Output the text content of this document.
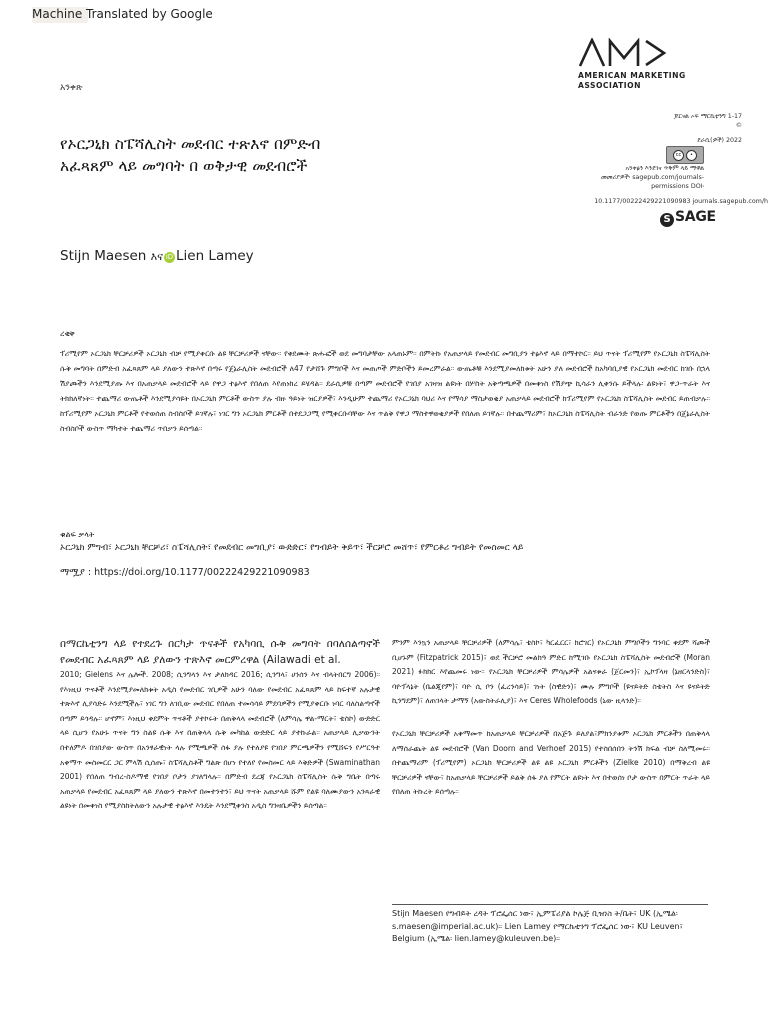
Machine Translated by Google
AMERICAN MARKETING
ASSOCIATION
አንቀጽ
የኦርጋኒክ ስፔሻሊስት መደብር ተጽእኖ በምድብ አፈጻጸም ላይ መግባት በ ወቅታዊ መደብሮች
ጆርናል ኦፍ ማርኬቲንግ 1-17
©
ደራሲ(ዎች) 2022
cc	•
አንቀፅን እንደገና ጥቅም ላይ ማዋል
መመሪያዎች፡ sagepub.com/journals-
permissions DOI፡
10.1177/00222429221090983 journals.sagepub.com/h
S SAGE
Stijn Maesen እና iD Lien Lamey
ረቂቅ
ፕሪሚየም ኦርጋኒክ ቸርቻሪዎች ኦርጋኒክ ብቻ የሚያቀርቡ ልዩ ቸርቻሪዎች ናቸው። የቀደሙት ጽሑፎች ወደ መግባታቸው አላጠኑም። በምትኩ የአጠቃላይ የመደብር መግቢያን ተፅእኖ ላይ በማተኮር። ይህ ጥናት ፕሪሚየም የኦርጋኒክ ስፔሻሊስት ሱቅ መግባት በምድብ አፈጻጸም ላይ ያለውን ተጽእኖ በጣሩ የጄኔራሊስት መደብሮች ለ47 የታሸጉ ምግቦች እና መጠጦች ምድቦችን ይመረምራል። ውጤቶቹ እንደሚያመለክቱት አሁን ያለ መደብሮች ከአካባቢያዊ የኦርጋኒክ መደብር ከገቡ በኋላ ሽያጮችን እንደሚያጡ እና በአጠቃላይ መደብሮች ላይ የዋጋ ተፅእኖ የበለጠ እየጠነከረ ይሄዳል። ደራሲዎቹ በጣም መደብሮች የገበያ አገዛዝ ልዩነት በሦስት አቅጣጫዎች በመቀነስ የሽያጭ ኪሳራን ሊቀንሱ ይችላሉ፡ ልዩነት፣ ዋጋ-ጥራት እና ትክክለኛነት። ተጨማሪ ውጤቶች እንደሚያሳዩት በኦርጋኒክ ምርቶች ውስጥ ያሉ ብዙ ዓይነት ዝርያዎች፣ እንዲሁም ተጨማሪ የኦርጋኒክ ባህሪ እና የማሳያ ማስታወቂያ አጠቃላይ መደብሮች ከፕሪሚየም የኦርጋኒክ ስፔሻሊስት መደብር ይጠብቃሉ። ከፕሪሚየም ኦርጋኒክ ምርቶች የተወሰጠ ስብስቦች ይገኛሉ፣ ነገር ግን ኦርጋኒክ ምርቶች በተደጋጋሚ የሚቀርቡባቸው እና ጥልቅ የዋጋ ማስተዋወቂያዎች የበለጠ ይገኛሉ። በተጨማሪም፣ ከኦርጋኒክ ስፔሻሊስት ብራንድ የወጡ ምርቶችን በጄኔራሊስት ስብስቦች ውስጥ ማካተት ተጨማሪ ጥበቃን ይሰጣል።
ቁልፍ ቃላት
ኦርጋኒክ ምግብ፣ ኦርጋኒክ ቸርቻሪ፣ ስፔሻሊስት፣ የመደብር መግቢያ፣ ውድድር፣ የግብይት ቅይጥ፣ ችርቻሮ መሸጥ፣ የምርቶሪ ግብይት የመስመር ላይ
ማሟያ : https://doi.org/10.1177/00222429221090983
በማርኬቲንግ ላይ የተደረጉ በርካታ ጥናቶች የአካባቢ ሱቅ መግባት በባለሰልጣኖች የመደብር አፈጻጸም ላይ ያለውን ተጽእኖ መርምረዋል (Ailawadi et al.
2010; Gielens እና ሌሎች. 2008; ሲንግላን እና ታለክዳር 2016; ሲንግላ፣ ሀንሰን እና ብላትበርግ 2006)። የእነዚህ ጥናቶች እንደሚያመለክቱት አዲስ የመደብር ገቢዎች አሁን ባለው የመደብር አፈጻጸም ላይ ከፍተኛ አሉታዊ ተጽእኖ ሊያሳድሩ እንደሚችሉ፣ ነገር ግን ለገቢው መደብር የበለጠ ተመሳሳይ ምደባዎችን የሚያቀርቡ ነባር ባለስልጣኖች በጣም ይጎዳሉ። ሆኖም፣ እነዚህ ቀደምት ጥናቶች ያተኮሩት በጠቅላላ መደብሮች (ለምሳሌ ዋል-ማርት፣ ቴስኮ) ውድድር ላይ ሲሆን የአሁኑ ጥናት ግን ስልዩ ሱቅ እና በጠቅላላ ሱቅ መካከል ውድድር ላይ ያተኩራል። አጠቃላይ ሊቃውንት በተለምዶ በገበያው ውስጥ በአንፃራዊነት ላሉ የሚጫዎች ሰፋ ያሉ የተለያዩ የገበያ ምርጫዎችን የሚሸፍን የሥርዓተ አቀማጥ መስመርር ጋር ምላሽ ሲሰጡ፣ ስፔሻሊስቶች ግልጽ በሆነ የተለየ የመስመር ላይ እቅድዎች (Swaminathan 2001) የበለጠ ግብረ-ስዶማዊ የገበያ ቦታን ያገለግላሉ። በምድብ ደረጃ የኦርጋኒክ ስፔሻሊስት ሱቅ ግቤት በጣሩ አጠቃላይ የመደብር አፈጻጸም ላይ ያለውን ተጽእኖ በመተንተን፣ ይህ ጥናት አጠቃላይ ሹም የልዩ ባለሙያውን አንጻራዊ ልዩነት በመቀነስ የሚያስከትለውን አሉታዊ ተፅእኖ እንዴት እንደሚቀንስ አዲስ ግንዛቤዎችን ይሰጣል።
ምንም እንኳን አጠቃላይ ቸርቻሪዎች (ለምሳሌ፣ ቴስኮ፣ ካርፈርር፣ ክሮገር) የኦርጋኒክ ምግቦችን ግንባር ቀደም ሻጮች ቢሆኑም (Fitzpatrick 2015)፣ ወደ ችርቻሮ መልክዓ ምድር ከሚገቡ የኦርጋኒክ ስፔሻሊስት መደብሮች (Moran 2021) ፉክክር እየጨመሩ ነው። የኦርጋኒክ ቸርቻሪዎች ምሳሌዎች አልናቱራ (ጀርመን)፣ ኢኮፕላዛ (ኔዘርላንድስ)፣ ባዮፕላኔት (ቤልጂየም)፣ ባዮ ሲ ቦን (ፈረንሳይ)፣ ገነት (ስዊድን)፣ ሙሉ ምግቦች (ዩናይትድ ስቴትስ እና ዩናይትድ ኪንግደም)፣ ለጠገላት ታማኝ (አውስትራሊያ)፣ እና Ceres Wholefoods (ኒው ዚላንድ)።
የኦርጋኒክ ቸርቻሪዎች አቀማመጥ ከአጠቃላይ ቸርቻሪዎች በአጅጉ ይለያል፣ምክንያቱም ኦርጋኒክ ምርቶችን በጠቅላላ ለማሰራጨት ልዩ መደብሮች (Van Doorn and Verhoef 2015) የተስበሰበን ትንሽ ክፍል ብቻ ስለሚመሩ። በተጨማሪም (ፕሪሚየም) ኦርጋኒክ ቸርቻሪዎች ልዩ ልዩ ኦርጋኒክ ምርቶችን (Zielke 2010) በማቅረብ ልዩ ቸርቻሪዎች ናቸው፣ ከአጠቃላይ ቸርቻሪዎች ይልቅ ሰፋ ያለ የምርት ልዩነት እና በተወሰነ ቦታ ውስጥ በምርት ጥራት ላይ የበለጠ ትኩረት ይሰጣሉ።
Stijn Maesen የግብይት ረዳት ፕሮፌሰር ነው፣ ኢምፔሪያል ኮሌጅ ቢዝነስ ት/ቤት፣ UK (ኢሜል፡ s.maesen@imperial.ac.uk)። Lien Lamey የማርኬቲንግ ፕሮፌሰር ነው፣ KU Leuven፣ Belgium (ኢሜል፡ lien.lamey@kuleuven.be)።
